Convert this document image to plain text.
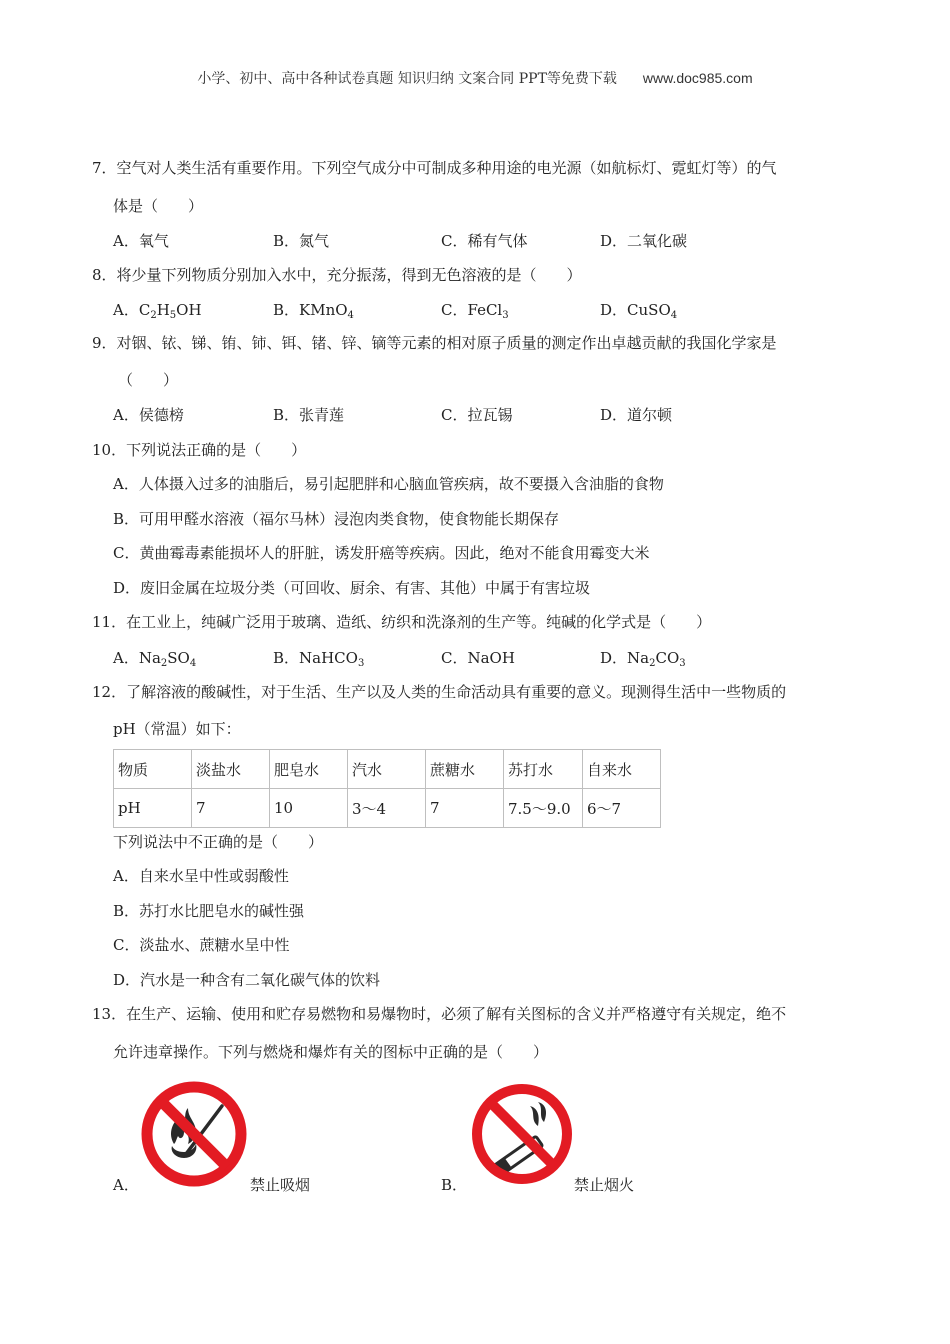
小学、初中、高中各种试卷真题 知识归纳 文案合同 PPT等免费下载 www.doc985.com
7．空气对人类生活有重要作用。下列空气成分中可制成多种用途的电光源（如航标灯、霓虹灯等）的气
体是（　　）
A．氧气	B．氮气	C．稀有气体	D．二氧化碳
8．将少量下列物质分别加入水中，充分振荡，得到无色溶液的是（　　）
A．$C_2H_5OH$	B．KMnO$_4$	C．FeCl$_3$	D．CuSO$_4$
9．对铟、铱、锑、铕、铈、铒、锗、锌、镝等元素的相对原子质量的测定作出卓越贡献的我国化学家是
（　　）
A．侯德榜	B．张青莲	C．拉瓦锡	D．道尔顿
10．下列说法正确的是（　　）
A．人体摄入过多的油脂后，易引起肥胖和心脑血管疾病，故不要摄入含油脂的食物
B．可用甲醛水溶液（福尔马林）浸泡肉类食物，使食物能长期保存
C．黄曲霉毒素能损坏人的肝脏，诱发肝癌等疾病。因此，绝对不能食用霉变大米
D．废旧金属在垃圾分类（可回收、厨余、有害、其他）中属于有害垃圾
11．在工业上，纯碱广泛用于玻璃、造纸、纺织和洗涤剂的生产等。纯碱的化学式是（　　）
A．$Na_2SO_4$	B．NaHCO$_3$	C．NaOH	D．$Na_2CO_3$
12．了解溶液的酸碱性，对于生活、生产以及人类的生命活动具有重要的意义。现测得生活中一些物质的
pH（常温）如下：
物质	淡盐水	肥皂水	汽水	蔗糖水	苏打水	自来水
pH	7	10	3～4	7	7.5～9.0	6～7
下列说法中不正确的是（　　）
A．自来水呈中性或弱酸性
B．苏打水比肥皂水的碱性强
C．淡盐水、蔗糖水呈中性
D．汽水是一种含有二氧化碳气体的饮料
13．在生产、运输、使用和贮存易燃物和易爆物时，必须了解有关图标的含义并严格遵守有关规定，绝不
允许违章操作。下列与燃烧和爆炸有关的图标中正确的是（　　）
A．	禁止吸烟	B．	禁止烟火
